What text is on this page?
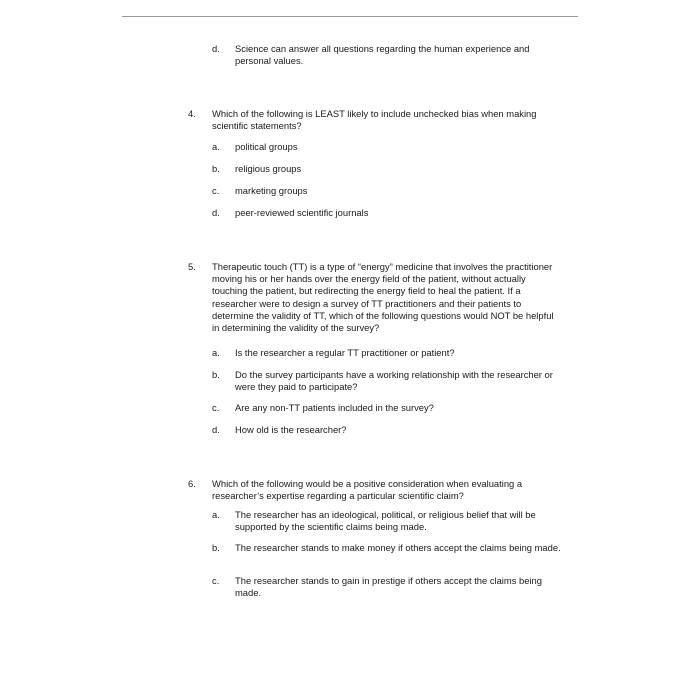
d. Science can answer all questions regarding the human experience and personal values.
4. Which of the following is LEAST likely to include unchecked bias when making scientific statements?
a. political groups
b. religious groups
c. marketing groups
d. peer-reviewed scientific journals
5. Therapeutic touch (TT) is a type of “energy” medicine that involves the practitioner moving his or her hands over the energy field of the patient, without actually touching the patient, but redirecting the energy field to heal the patient. If a researcher were to design a survey of TT practitioners and their patients to determine the validity of TT, which of the following questions would NOT be helpful in determining the validity of the survey?
a. Is the researcher a regular TT practitioner or patient?
b. Do the survey participants have a working relationship with the researcher or were they paid to participate?
c. Are any non-TT patients included in the survey?
d. How old is the researcher?
6. Which of the following would be a positive consideration when evaluating a researcher’s expertise regarding a particular scientific claim?
a. The researcher has an ideological, political, or religious belief that will be supported by the scientific claims being made.
b. The researcher stands to make money if others accept the claims being made.
c. The researcher stands to gain in prestige if others accept the claims being made.
